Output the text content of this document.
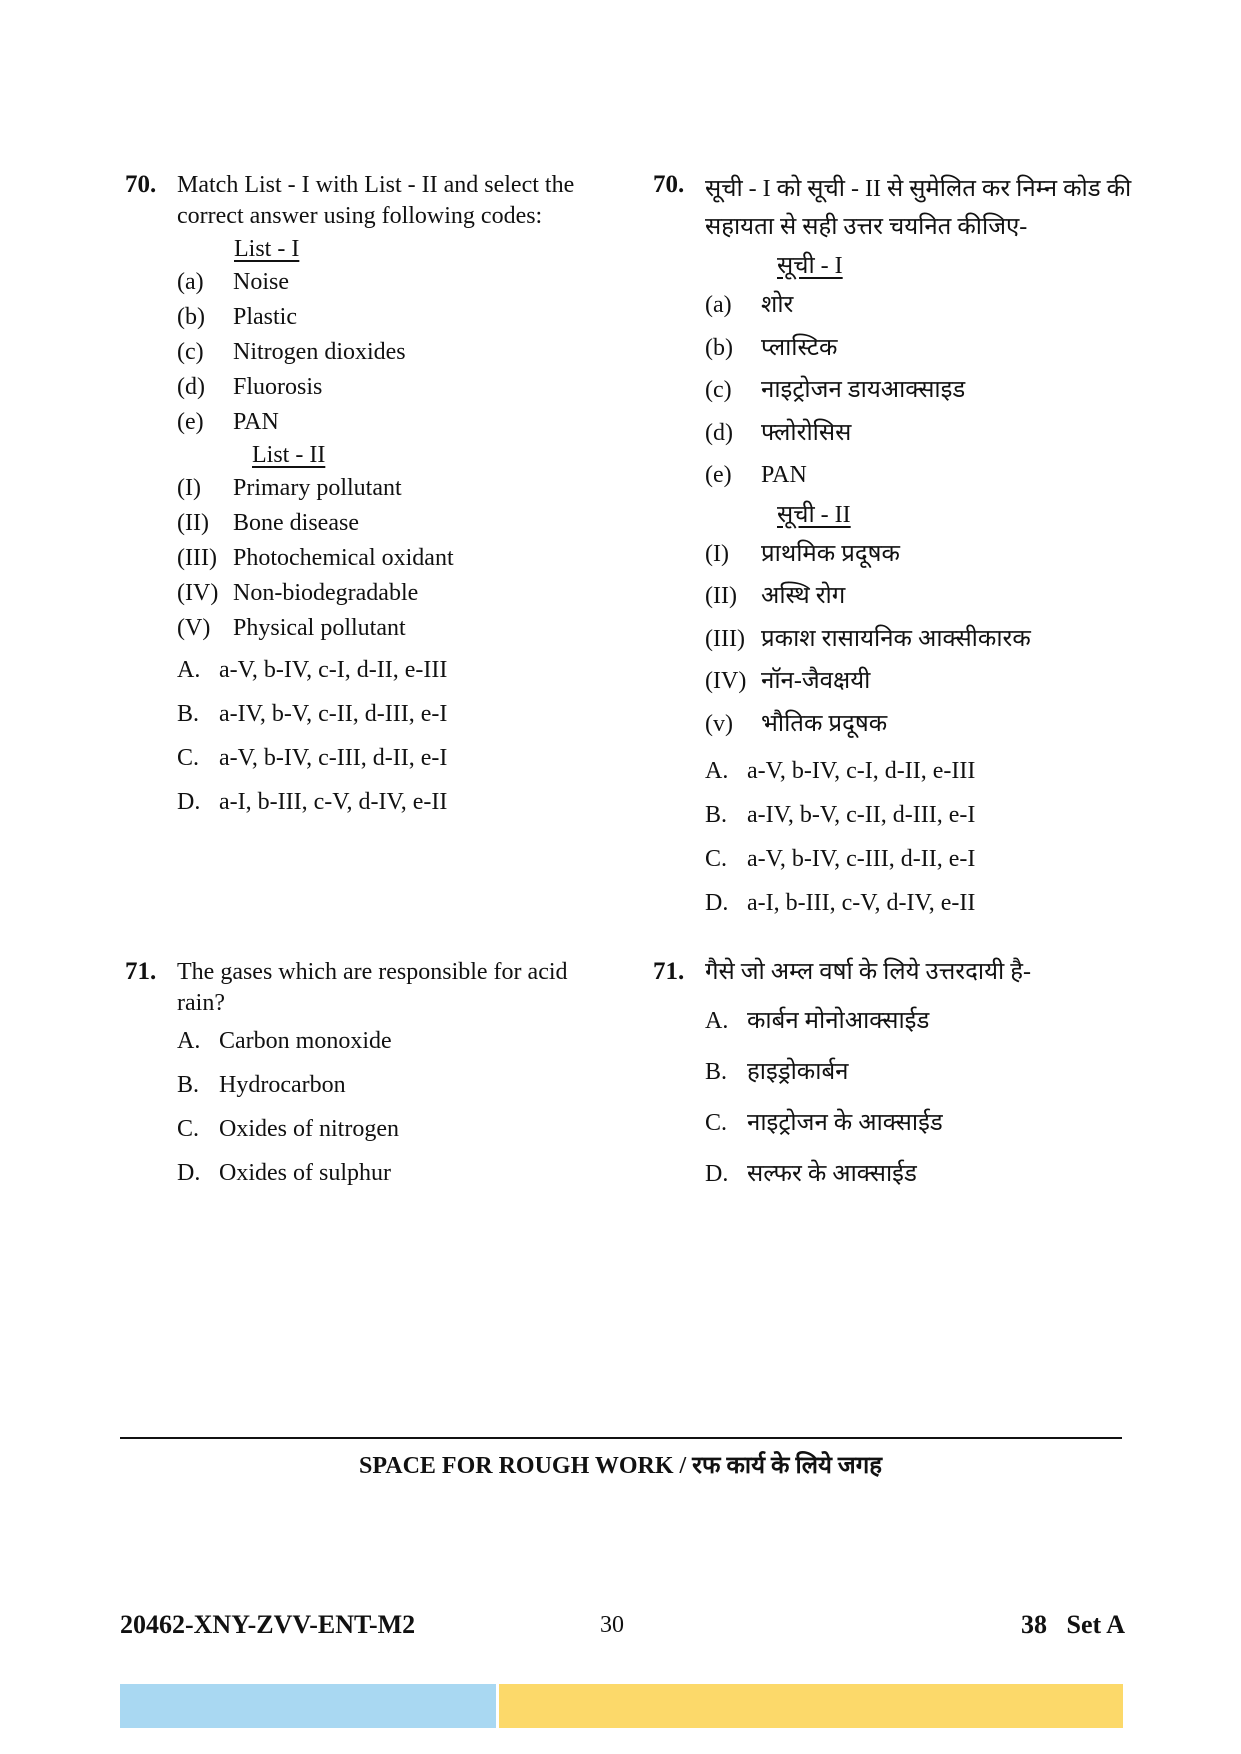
70. Match List - I with List - II and select the correct answer using following codes:
List - I
(a)	Noise
(b)	Plastic
(c)	Nitrogen dioxides
(d)	Fluorosis
(e)	PAN
List - II
(I)	Primary pollutant
(II)	Bone disease
(III) Photochemical oxidant
(IV) Non-biodegradable
(V) Physical pollutant
A. a-V, b-IV, c-I, d-II, e-III
B. a-IV, b-V, c-II, d-III, e-I
C. a-V, b-IV, c-III, d-II, e-I
D. a-I, b-III, c-V, d-IV, e-II
71. The gases which are responsible for acid rain?
A. Carbon monoxide
B. Hydrocarbon
C. Oxides of nitrogen
D. Oxides of sulphur
70. सूची - I को सूची - II से सुमेलित कर निम्न कोड की सहायता से सही उत्तर चयनित कीजिए-
सूची - I
(a)	शोर
(b)	प्लास्टिक
(c)	नाइट्रोजन डायआक्साइड
(d)	फ्लोरोसिस
(e)	PAN
सूची - II
(I)	प्राथमिक प्रदूषक
(II)	अस्थि रोग
(III) प्रकाश रासायनिक आक्सीकारक
(IV) नॉन-जैवक्षयी
(v)	भौतिक प्रदूषक
A. a-V, b-IV, c-I, d-II, e-III
B. a-IV, b-V, c-II, d-III, e-I
C. a-V, b-IV, c-III, d-II, e-I
D. a-I, b-III, c-V, d-IV, e-II
71. गैसे जो अम्ल वर्षा के लिये उत्तरदायी है-
A. कार्बन मोनोआक्साईड
B. हाइड्रोकार्बन
C. नाइट्रोजन के आक्साईड
D. सल्फर के आक्साईड
SPACE FOR ROUGH WORK / रफ कार्य के लिये जगह
20462-XNY-ZVV-ENT-M2	30	38   Set A
